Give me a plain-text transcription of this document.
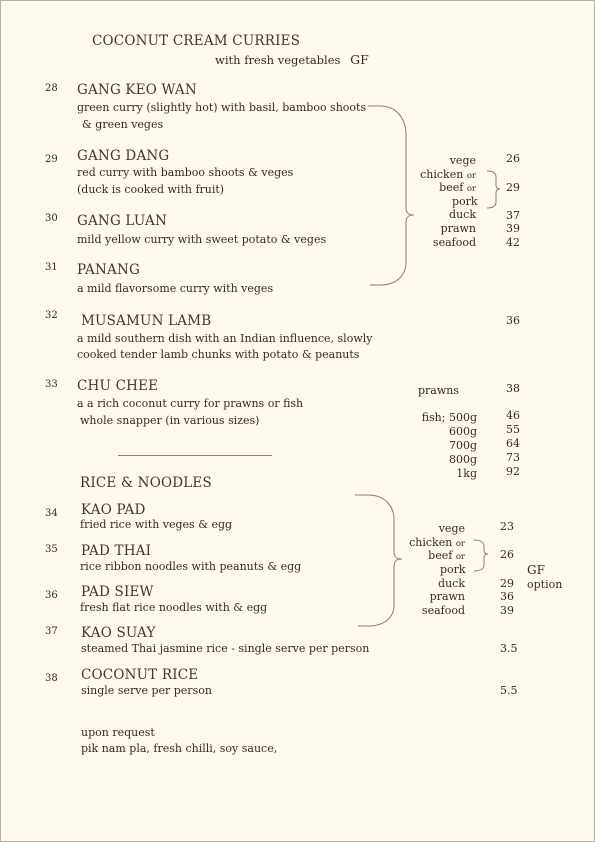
COCONUT CREAM CURRIES
with fresh vegetables GF
28 GANG KEO WAN
green curry (slightly hot) with basil, bamboo shoots
& green veges
29 GANG DANG
red curry with bamboo shoots & veges
(duck is cooked with fruit)
30 GANG LUAN
mild yellow curry with sweet potato & veges
31 PANANG
a mild flavorsome curry with veges
vege	26
chicken or
beef or	29
pork
duck	37
prawn	39
seafood	42
32 MUSAMUN LAMB
a mild southern dish with an Indian influence, slowly
cooked tender lamb chunks with potato & peanuts
36
33 CHU CHEE
a a rich coconut curry for prawns or fish
whole snapper (in various sizes)
prawns	38
fish; 500g	46
600g	55
700g	64
800g	73
1kg	92
RICE & NOODLES
34 KAO PAD
fried rice with veges & egg
35 PAD THAI
rice ribbon noodles with peanuts & egg
36 PAD SIEW
fresh flat rice noodles with & egg
vege	23
chicken or
beef or	26
pork
duck	29
prawn	36
seafood	39
GF
option
37 KAO SUAY
steamed Thai jasmine rice - single serve per person	3.5
38 COCONUT RICE
single serve per person	5.5
upon request
pik nam pla, fresh chilli, soy sauce,
